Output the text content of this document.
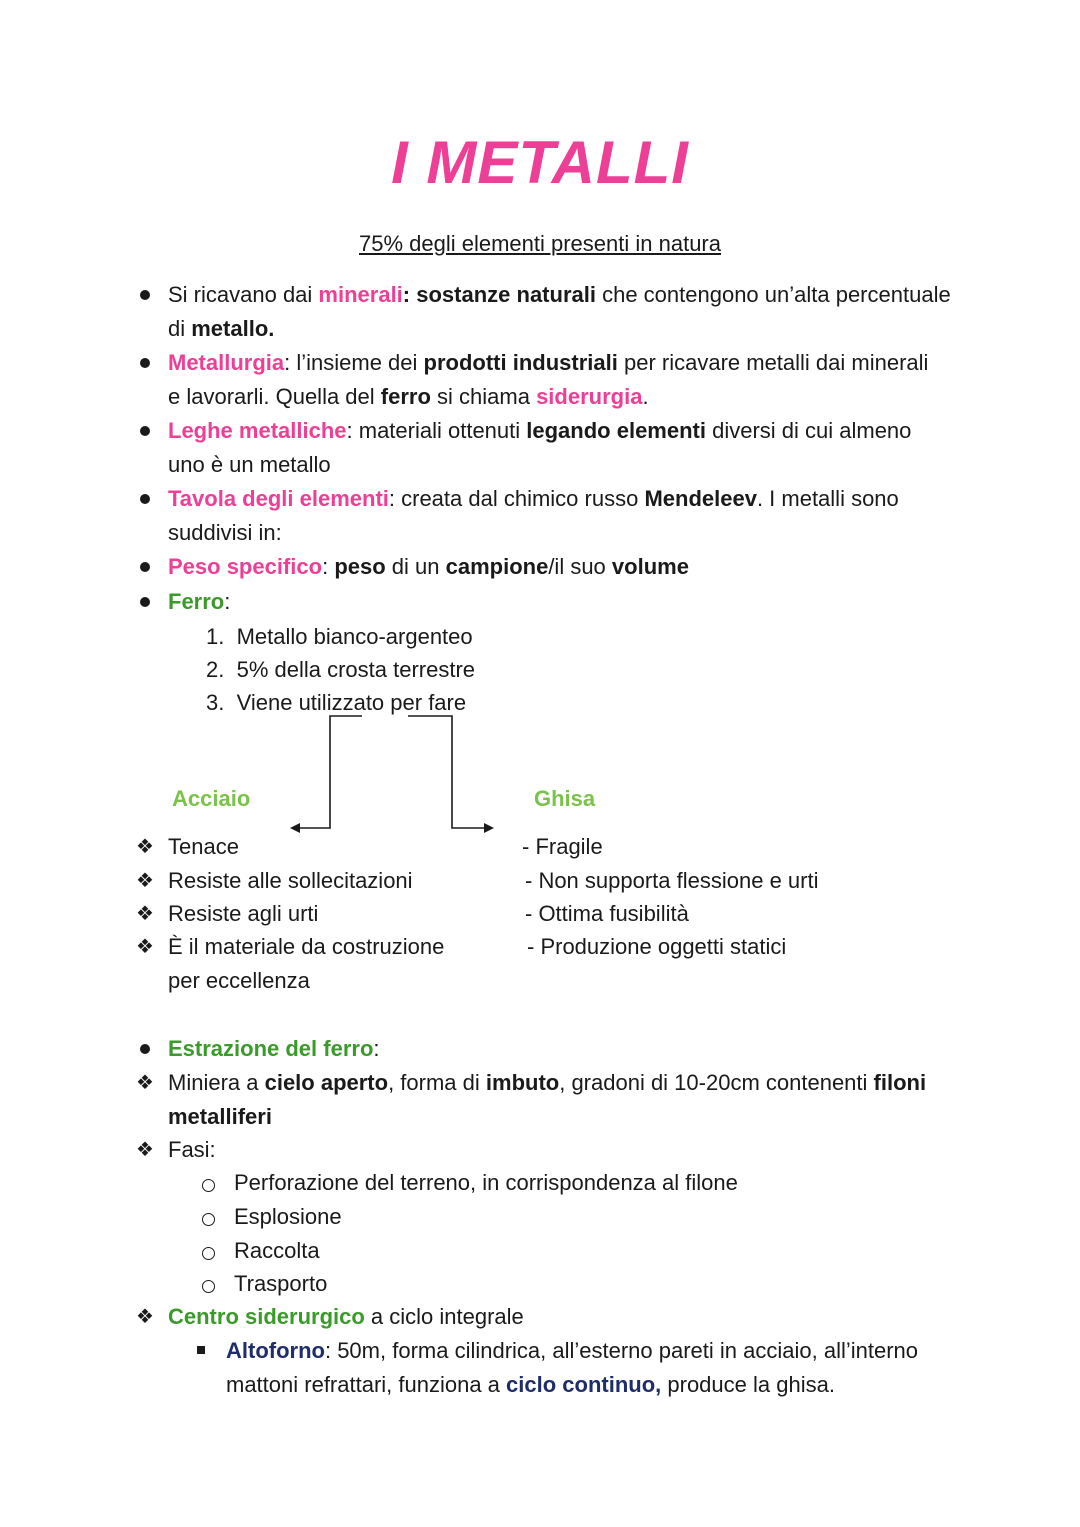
I METALLI
75% degli elementi presenti in natura
Si ricavano dai minerali: sostanze naturali che contengono un’alta percentuale
di metallo.
Metallurgia: l’insieme dei prodotti industriali per ricavare metalli dai minerali
e lavorarli. Quella del ferro si chiama siderurgia.
Leghe metalliche: materiali ottenuti legando elementi diversi di cui almeno
uno è un metallo
Tavola degli elementi: creata dal chimico russo Mendeleev. I metalli sono
suddivisi in:
Peso specifico: peso di un campione/il suo volume
Ferro:
1. Metallo bianco-argenteo
2. 5% della crosta terrestre
3. Viene utilizzato per fare
Acciaio	Ghisa
❖ Tenace
❖ Resiste alle sollecitazioni
❖ Resiste agli urti
❖ È il materiale da costruzione
per eccellenza
- Fragile
- Non supporta flessione e urti
- Ottima fusibilità
- Produzione oggetti statici
Estrazione del ferro:
❖ Miniera a cielo aperto, forma di imbuto, gradoni di 10-20cm contenenti filoni
metalliferi
❖ Fasi:
Perforazione del terreno, in corrispondenza al filone
Esplosione
Raccolta
Trasporto
❖ Centro siderurgico a ciclo integrale
Altoforno: 50m, forma cilindrica, all’esterno pareti in acciaio, all’interno
mattoni refrattari, funziona a ciclo continuo, produce la ghisa.
